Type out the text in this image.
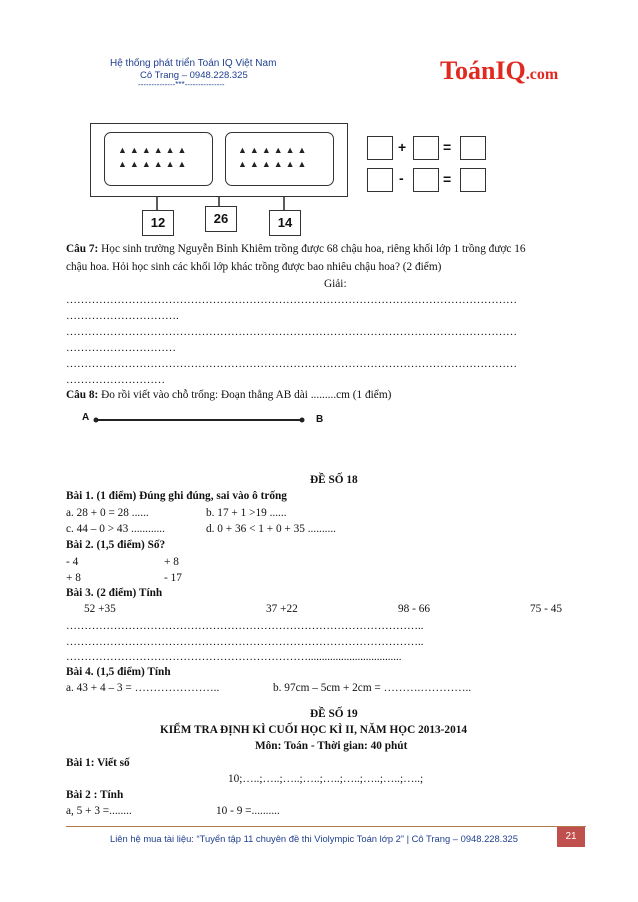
Hệ thống phát triển Toán IQ Việt Nam
Cô Trang – 0948.228.325
--------------***---------------	ToánIQ.com
▲▲▲▲▲▲
▲▲▲▲▲▲
▲▲▲▲▲▲
▲▲▲▲▲▲
12	26	14
+	=
-	=
Câu 7: Học sinh trường Nguyễn Bỉnh Khiêm trồng được 68 chậu hoa, riêng khối lớp 1 trồng được 16
chậu hoa. Hỏi học sinh các khối lớp khác trồng được bao nhiêu chậu hoa? (2 điểm)
Giải:
……………………………………………………………………………………………………………
………………………….
……………………………………………………………………………………………………………
…………………………
……………………………………………………………………………………………………………
………………………
Câu 8: Đo rồi viết vào chỗ trống: Đoạn thẳng AB dài .........cm (1 điểm)
A	B
ĐỀ SỐ 18
Bài 1. (1 điểm) Đúng ghi đúng, sai vào ô trống
a. 28 + 0 = 28 ......	b. 17 + 1 >19 ......
c. 44 – 0 > 43 ............	d. 0 + 36 < 1 + 0 + 35 ..........
Bài 2. (1,5 điểm) Số?
- 4	+ 8
+ 8	- 17
Bài 3. (2 điểm) Tính
52 +35	37 +22	98 - 66	75 - 45
……………………………………………………………………………………..
……………………………………………………………………………………..
…………………………………………………………..................................
Bài 4. (1,5 điểm) Tính
a. 43 + 4 – 3 = …………………..	b. 97cm – 5cm + 2cm = ……….…………..
ĐỀ SỐ 19
KIỂM TRA ĐỊNH KÌ CUỐI HỌC KÌ II, NĂM HỌC 2013-2014
Môn: Toán - Thời gian: 40 phút
Bài 1: Viết số
10;…..;…..;…..;…..;…..;…..;…..;…..;…..;
Bài 2 : Tính
a, 5 + 3 =........	10 - 9 =..........
Liên hệ mua tài liệu: “Tuyển tập 11 chuyên đề thi Violympic Toán lớp 2” | Cô Trang – 0948.228.325	21
